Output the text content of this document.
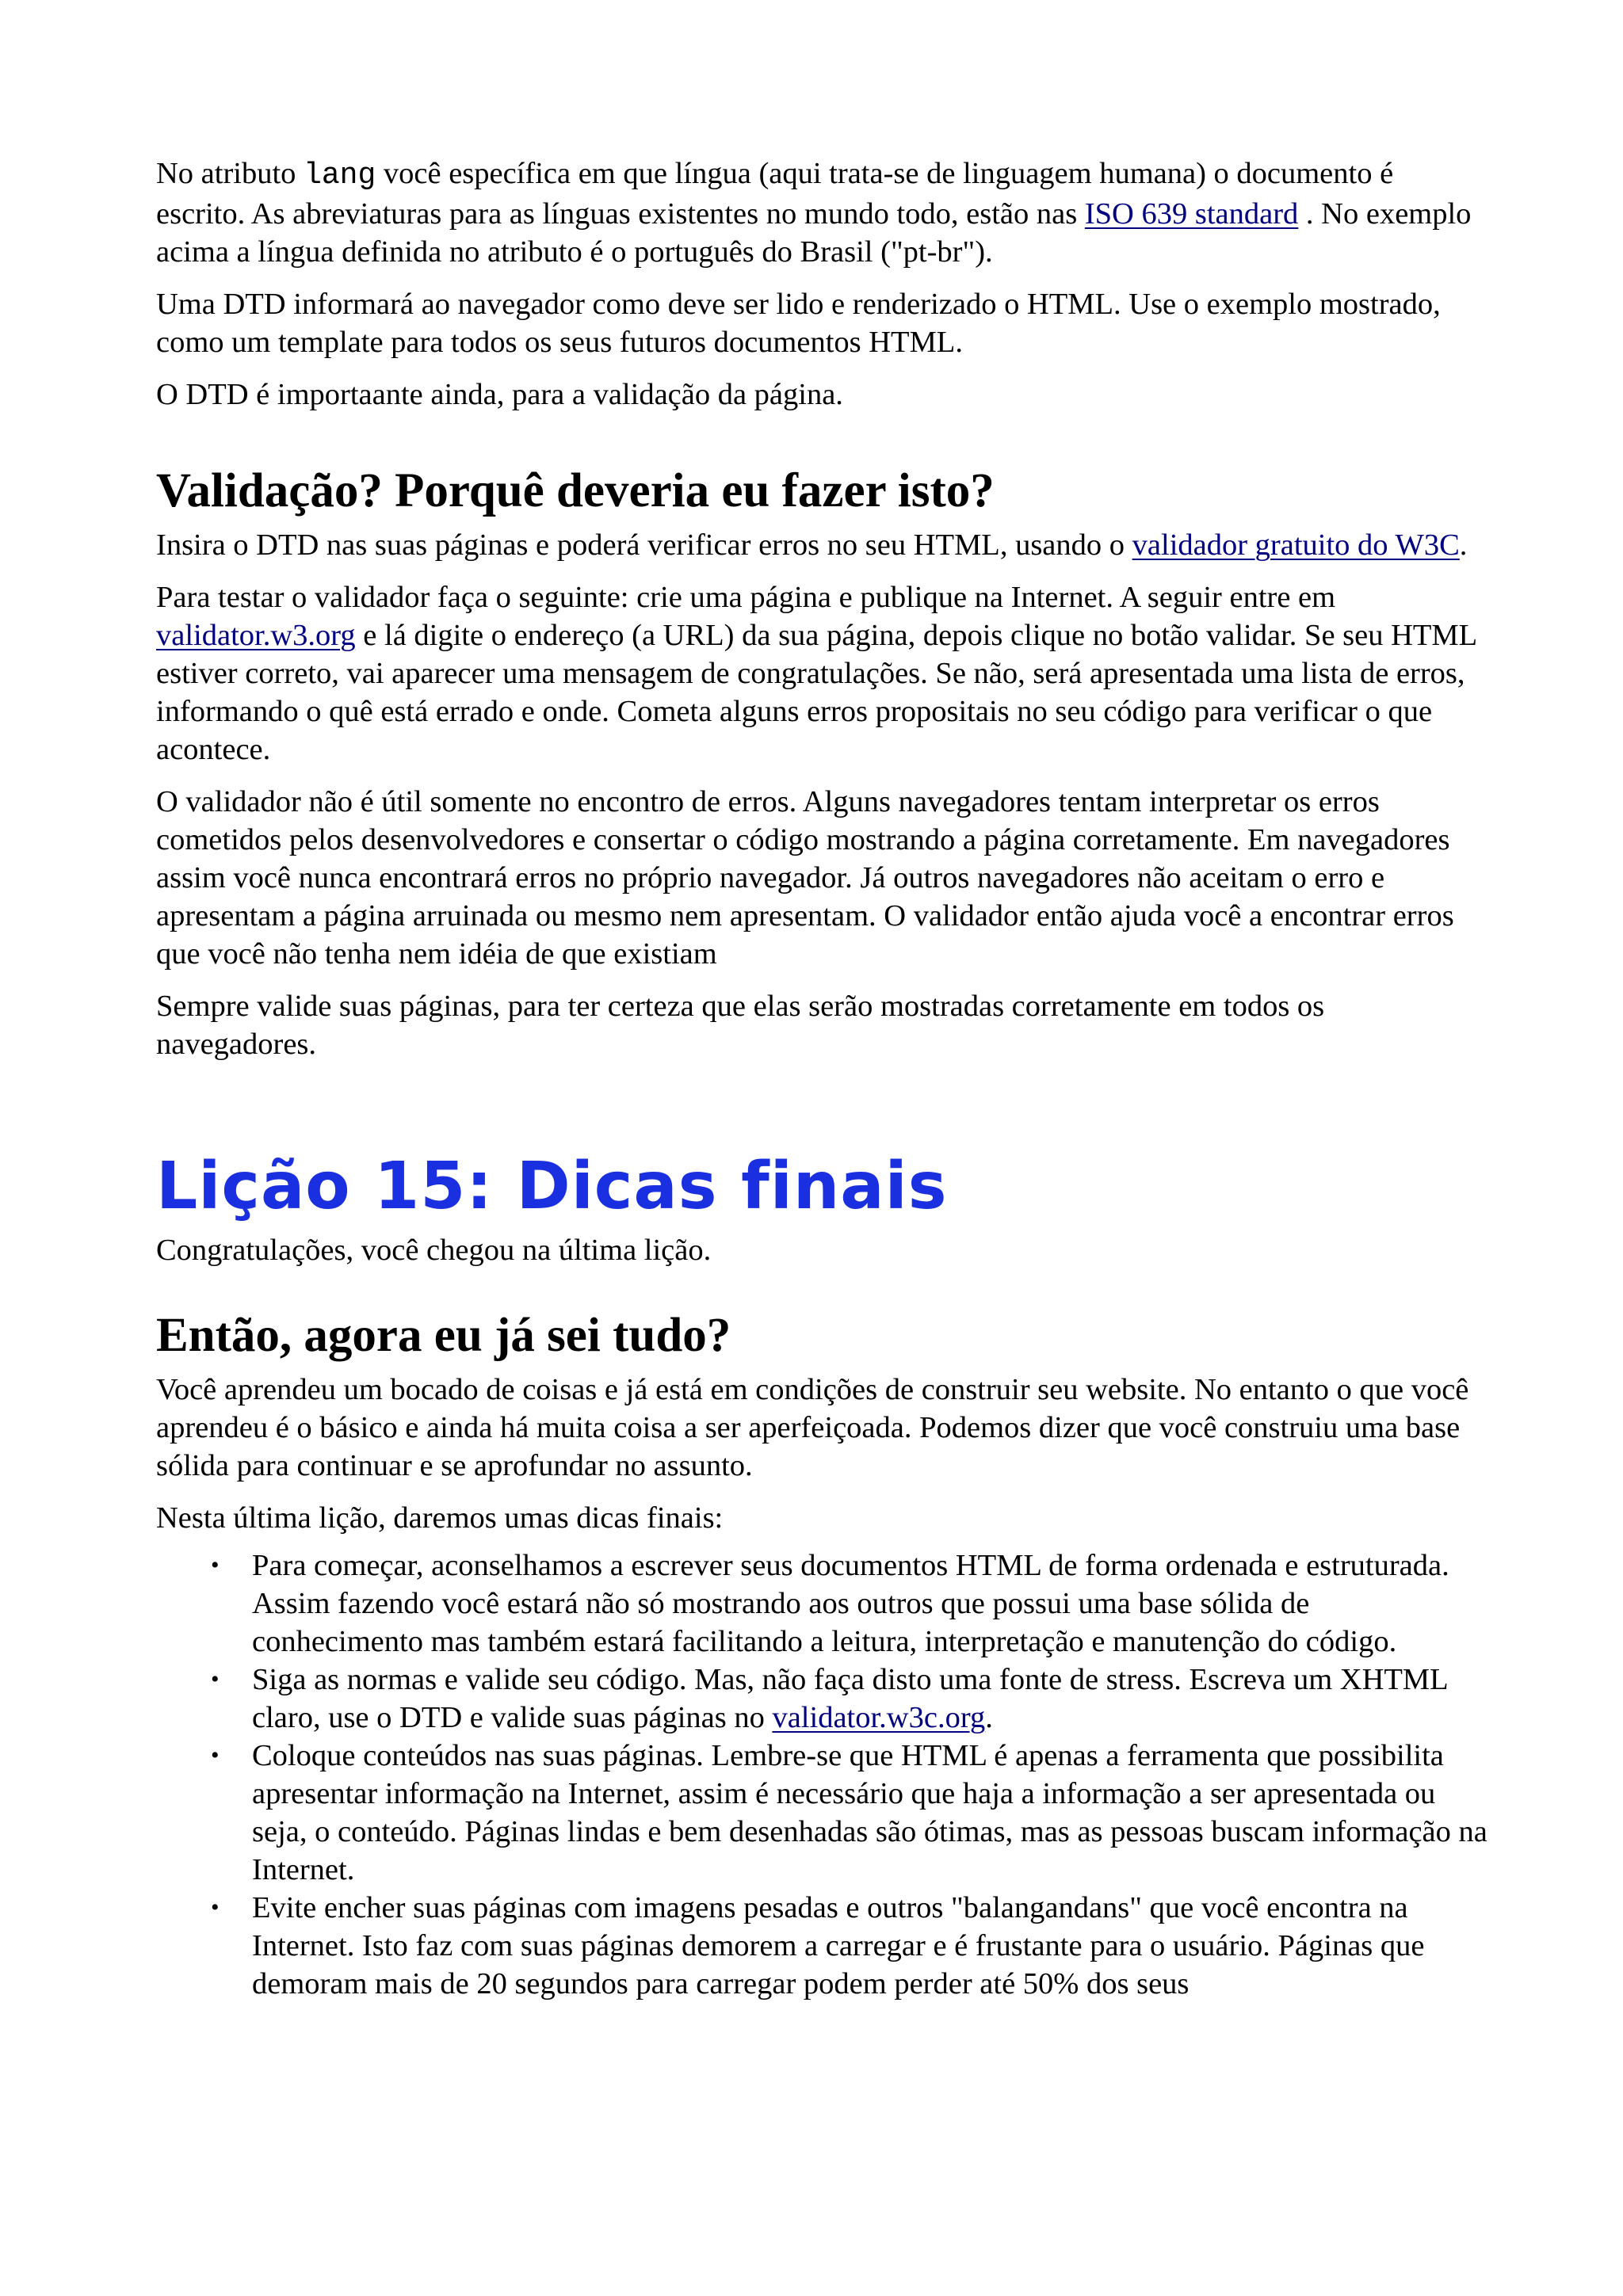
No atributo lang você específica em que língua (aqui trata-se de linguagem humana) o documento é escrito. As abreviaturas para as línguas existentes no mundo todo, estão nas ISO 639 standard . No exemplo acima a língua definida no atributo é o português do Brasil ("pt-br").

Uma DTD informará ao navegador como deve ser lido e renderizado o HTML. Use o exemplo mostrado, como um template para todos os seus futuros documentos HTML.

O DTD é importaante ainda, para a validação da página.

Validação? Porquê deveria eu fazer isto?

Insira o DTD nas suas páginas e poderá verificar erros no seu HTML, usando o validador gratuito do W3C.

Para testar o validador faça o seguinte: crie uma página e publique na Internet. A seguir entre em validator.w3.org e lá digite o endereço (a URL) da sua página, depois clique no botão validar. Se seu HTML estiver correto, vai aparecer uma mensagem de congratulações. Se não, será apresentada uma lista de erros, informando o quê está errado e onde. Cometa alguns erros propositais no seu código para verificar o que acontece.

O validador não é útil somente no encontro de erros. Alguns navegadores tentam interpretar os erros cometidos pelos desenvolvedores e consertar o código mostrando a página corretamente. Em navegadores assim você nunca encontrará erros no próprio navegador. Já outros navegadores não aceitam o erro e apresentam a página arruinada ou mesmo nem apresentam. O validador então ajuda você a encontrar erros que você não tenha nem idéia de que existiam

Sempre valide suas páginas, para ter certeza que elas serão mostradas corretamente em todos os navegadores.

Lição 15: Dicas finais

Congratulações, você chegou na última lição.

Então, agora eu já sei tudo?

Você aprendeu um bocado de coisas e já está em condições de construir seu website. No entanto o que você aprendeu é o básico e ainda há muita coisa a ser aperfeiçoada. Podemos dizer que você construiu uma base sólida para continuar e se aprofundar no assunto.

Nesta última lição, daremos umas dicas finais:

• Para começar, aconselhamos a escrever seus documentos HTML de forma ordenada e estruturada. Assim fazendo você estará não só mostrando aos outros que possui uma base sólida de conhecimento mas também estará facilitando a leitura, interpretação e manutenção do código.
• Siga as normas e valide seu código. Mas, não faça disto uma fonte de stress. Escreva um XHTML claro, use o DTD e valide suas páginas no validator.w3c.org.
• Coloque conteúdos nas suas páginas. Lembre-se que HTML é apenas a ferramenta que possibilita apresentar informação na Internet, assim é necessário que haja a informação a ser apresentada ou seja, o conteúdo. Páginas lindas e bem desenhadas são ótimas, mas as pessoas buscam informação na Internet.
• Evite encher suas páginas com imagens pesadas e outros "balangandans" que você encontra na Internet. Isto faz com suas páginas demorem a carregar e é frustante para o usuário. Páginas que demoram mais de 20 segundos para carregar podem perder até 50% dos seus
